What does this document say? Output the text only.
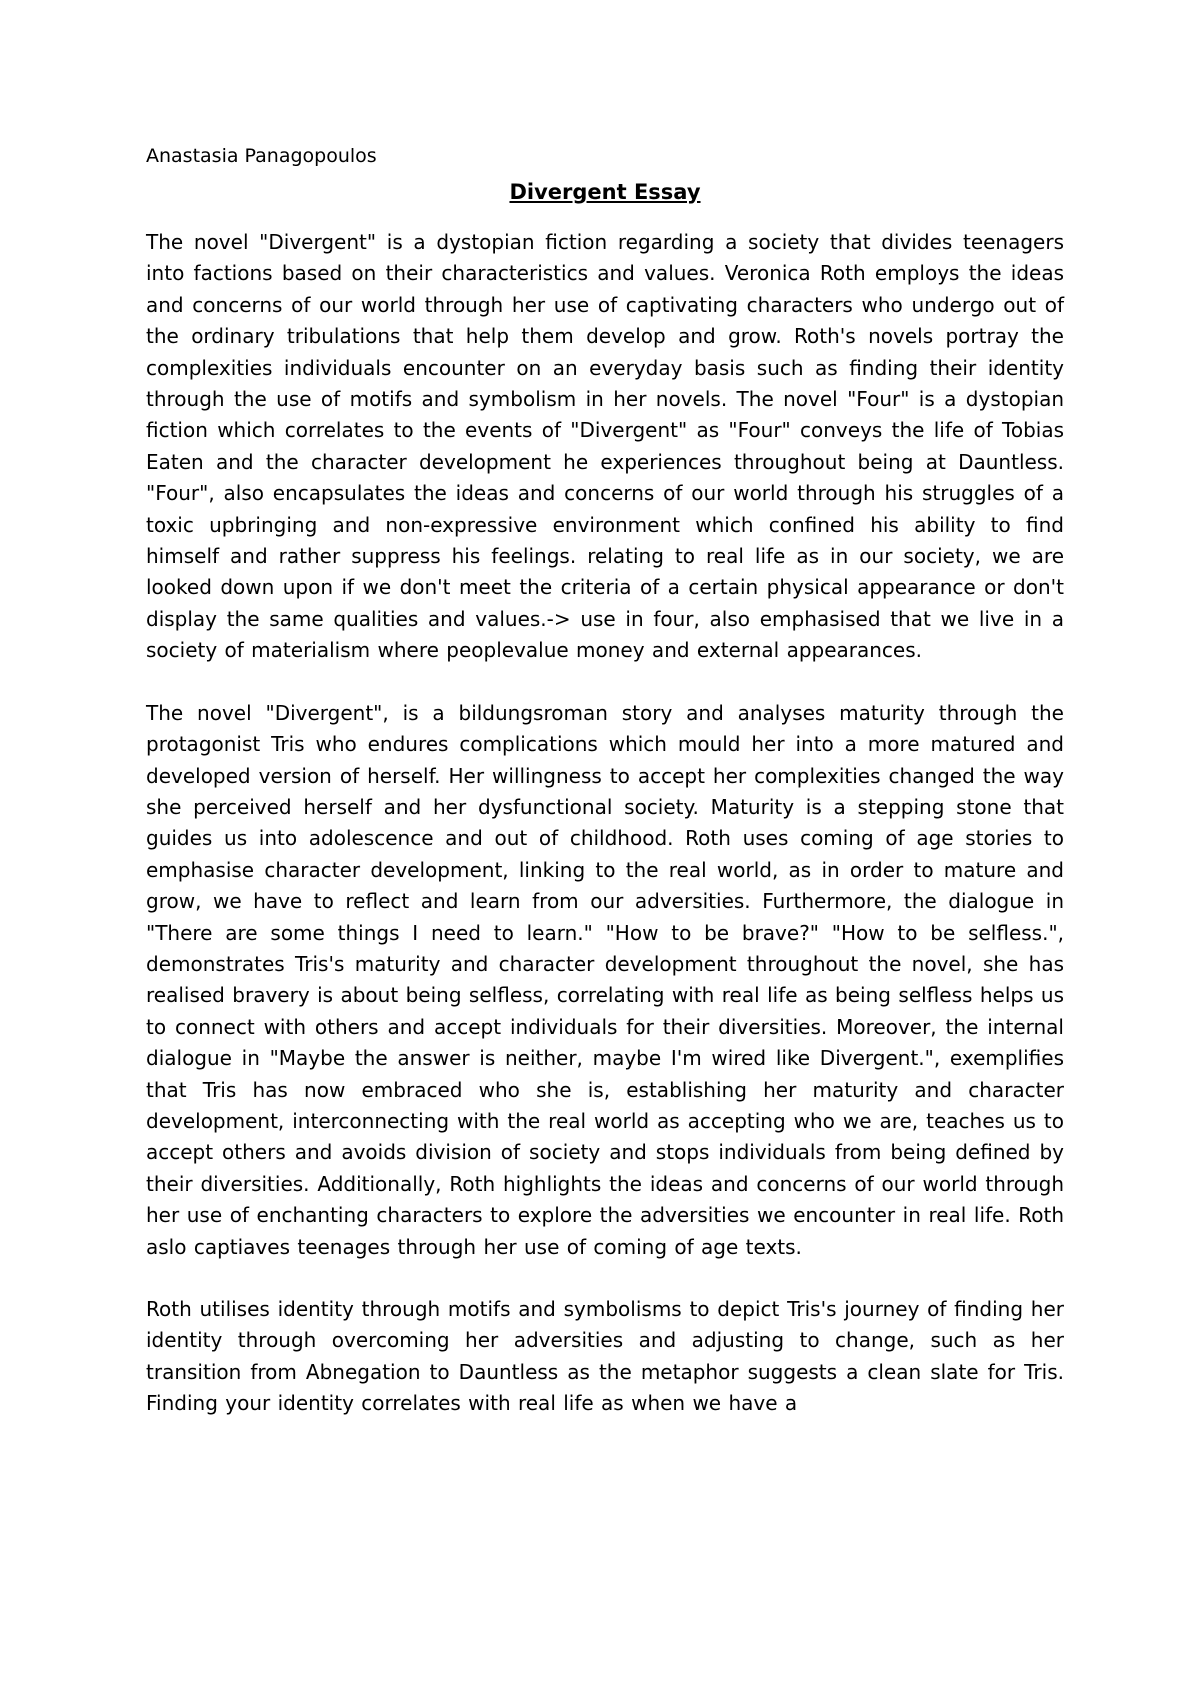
Anastasia Panagopoulos

Divergent Essay

The novel "Divergent" is a dystopian fiction regarding a society that divides teenagers into factions based on their characteristics and values. Veronica Roth employs the ideas and concerns of our world through her use of captivating characters who undergo out of the ordinary tribulations that help them develop and grow. Roth's novels portray the complexities individuals encounter on an everyday basis such as finding their identity through the use of motifs and symbolism in her novels. The novel "Four" is a dystopian fiction which correlates to the events of "Divergent" as "Four" conveys the life of Tobias Eaten and the character development he experiences throughout being at Dauntless. "Four", also encapsulates the ideas and concerns of our world through his struggles of a toxic upbringing and non-expressive environment which confined his ability to find himself and rather suppress his feelings. relating to real life as in our society, we are looked down upon if we don't meet the criteria of a certain physical appearance or don't display the same qualities and values.-> use in four, also emphasised that we live in a society of materialism where peoplevalue money and external appearances.

The novel "Divergent", is a bildungsroman story and analyses maturity through the protagonist Tris who endures complications which mould her into a more matured and developed version of herself. Her willingness to accept her complexities changed the way she perceived herself and her dysfunctional society. Maturity is a stepping stone that guides us into adolescence and out of childhood. Roth uses coming of age stories to emphasise character development, linking to the real world, as in order to mature and grow, we have to reflect and learn from our adversities. Furthermore, the dialogue in "There are some things I need to learn." "How to be brave?" "How to be selfless.", demonstrates Tris's maturity and character development throughout the novel, she has realised bravery is about being selfless, correlating with real life as being selfless helps us to connect with others and accept individuals for their diversities. Moreover, the internal dialogue in "Maybe the answer is neither, maybe I'm wired like Divergent.", exemplifies that Tris has now embraced who she is, establishing her maturity and character development, interconnecting with the real world as accepting who we are, teaches us to accept others and avoids division of society and stops individuals from being defined by their diversities. Additionally, Roth highlights the ideas and concerns of our world through her use of enchanting characters to explore the adversities we encounter in real life. Roth aslo captiaves teenages through her use of coming of age texts.

Roth utilises identity through motifs and symbolisms to depict Tris's journey of finding her identity through overcoming her adversities and adjusting to change, such as her transition from Abnegation to Dauntless as the metaphor suggests a clean slate for Tris. Finding your identity correlates with real life as when we have a
